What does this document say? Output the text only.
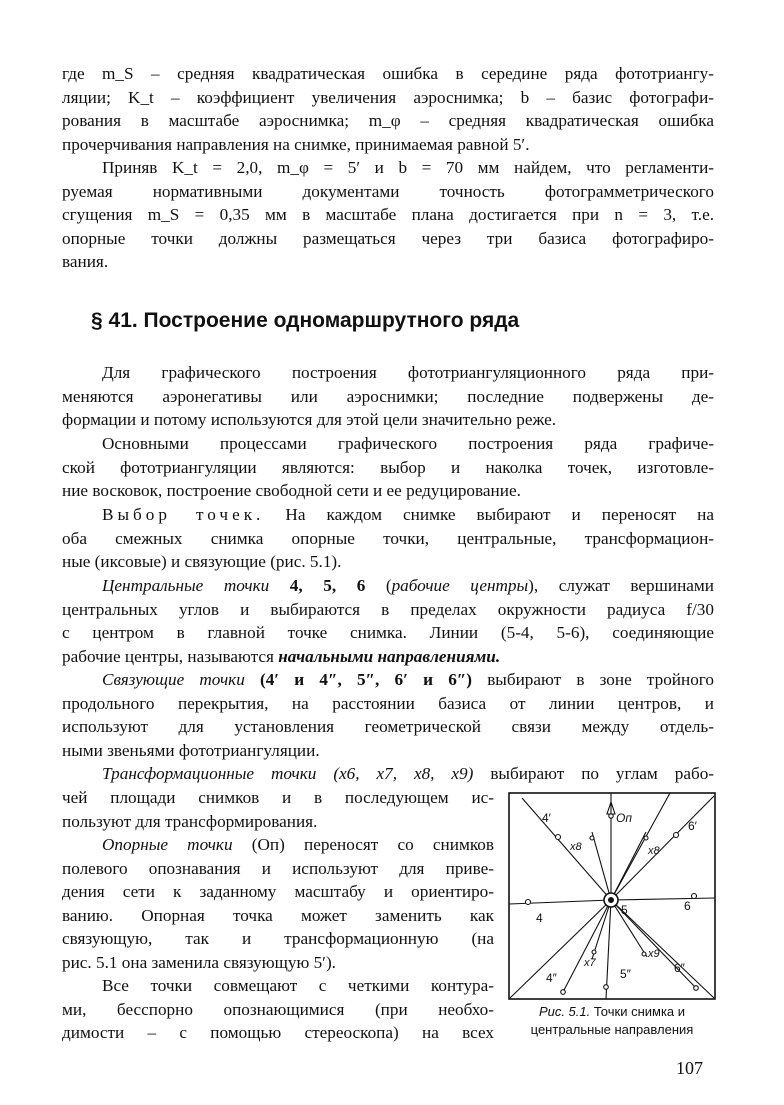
где m_S – средняя квадратическая ошибка в середине ряда фототриангу-
ляции; K_t – коэффициент увеличения аэроснимка; b – базис фотографи-
рования в масштабе аэроснимка; m_φ – средняя квадратическая ошибка
прочерчивания направления на снимке, принимаемая равной 5′.
Приняв K_t = 2,0, m_φ = 5′ и b = 70 мм найдем, что регламенти-
руемая нормативными документами точность фотограмметрического
сгущения m_S = 0,35 мм в масштабе плана достигается при n = 3, т.е.
опорные точки должны размещаться через три базиса фотографиро-
вания.
§ 41. Построение одномаршрутного ряда
Для графического построения фототриангуляционного ряда при-
меняются аэронегативы или аэроснимки; последние подвержены де-
формации и потому используются для этой цели значительно реже.
Основными процессами графического построения ряда графиче-
ской фототриангуляции являются: выбор и наколка точек, изготовле-
ние восковок, построение свободной сети и ее редуцирование.
Выбор точек. На каждом снимке выбирают и переносят на
оба смежных снимка опорные точки, центральные, трансформацион-
ные (иксовые) и связующие (рис. 5.1).
Центральные точки 4, 5, 6 (рабочие центры), служат вершинами
центральных углов и выбираются в пределах окружности радиуса f/30
с центром в главной точке снимка. Линии (5-4, 5-6), соединяющие
рабочие центры, называются начальными направлениями.
Связующие точки (4′ и 4″, 5″, 6′ и 6″) выбирают в зоне тройного
продольного перекрытия, на расстоянии базиса от линии центров, и
используют для установления геометрической связи между отдель-
ными звеньями фототриангуляции.
Трансформационные точки (x6, x7, x8, x9) выбирают по углам рабо-
чей площади снимков и в последующем ис-
пользуют для трансформирования.
Опорные точки (Оп) переносят со снимков
полевого опознавания и используют для приве-
дения сети к заданному масштабу и ориентиро-
ванию. Опорная точка может заменить как
связующую, так и трансформационную (на
рис. 5.1 она заменила связующую 5′).
Все точки совмещают с четкими контура-
ми, бесспорно опознающимися (при необхо-
димости – с помощью стереоскопа) на всех
4′	Оп
6′
x8	x8
4
5	6
x7
x9
4″	5″	6″
Рис. 5.1. Точки снимка и
центральные направления
107
